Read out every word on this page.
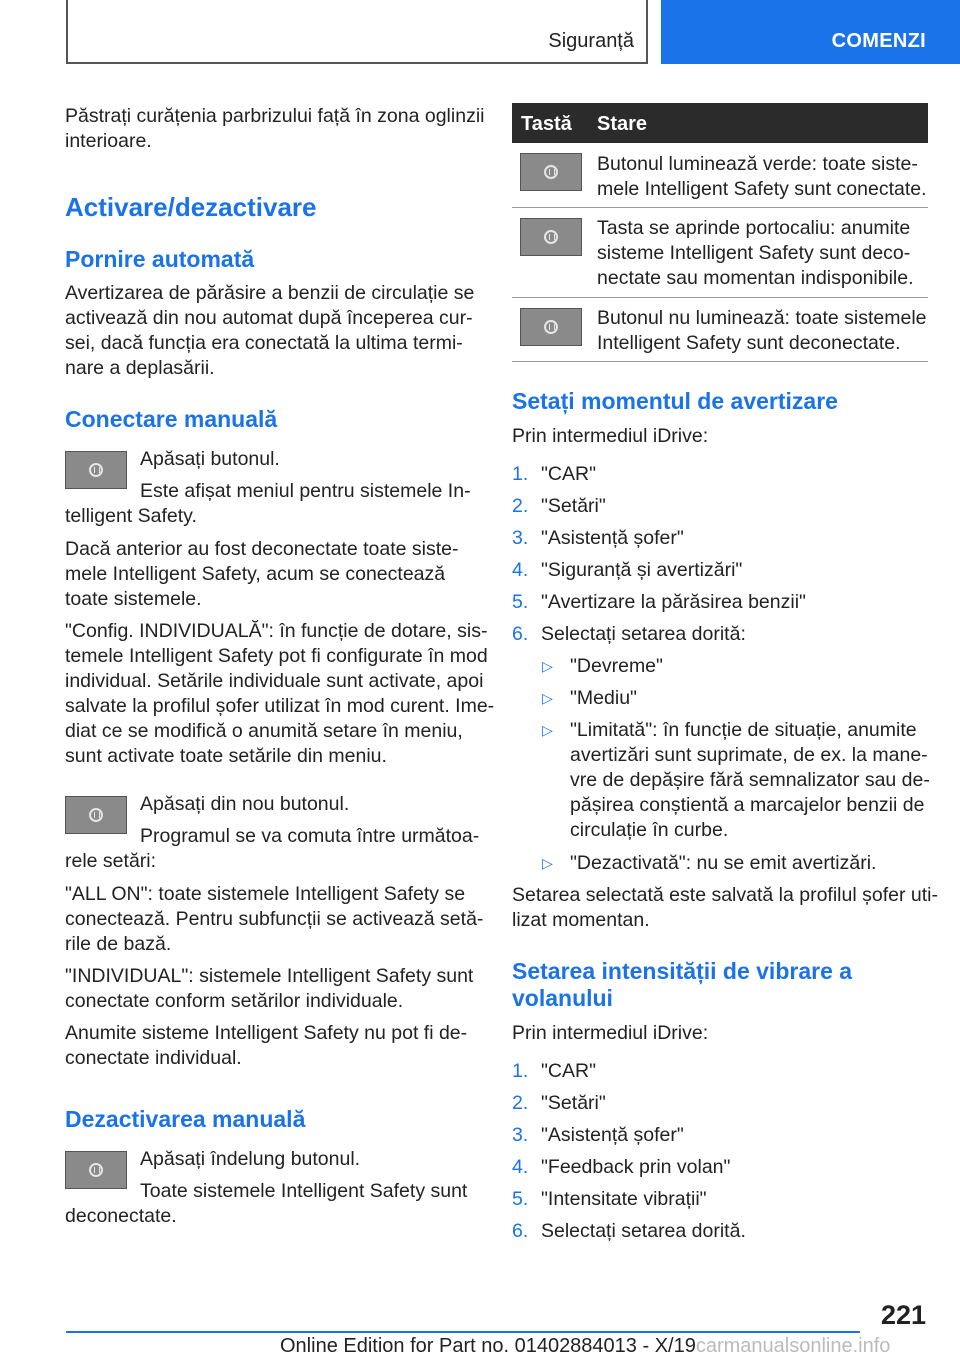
Siguranță	COMENZI

Păstrați curățenia parbrizului față în zona oglinzii

interioare.

Activare/dezactivare
Pornire automată

Avertizarea de părăsire a benzii de circulație se

activează din nou automat după începerea cur-

sei, dacă funcția era conectată la ultima termi-

nare a deplasării.

Conectare manuală

Apăsați butonul.

Este afișat meniul pentru sistemele In-

telligent Safety.

Dacă anterior au fost deconectate toate siste-

mele Intelligent Safety, acum se conectează

toate sistemele.

"Config. INDIVIDUALĂ": în funcție de dotare, sis-

temele Intelligent Safety pot fi configurate în mod

individual. Setările individuale sunt activate, apoi

salvate la profilul șofer utilizat în mod curent. Ime-

diat ce se modifică o anumită setare în meniu,

sunt activate toate setările din meniu.

Apăsați din nou butonul.

Programul se va comuta între următoa-

rele setări:

"ALL ON": toate sistemele Intelligent Safety se

conectează. Pentru subfuncții se activează setă-

rile de bază.

"INDIVIDUAL": sistemele Intelligent Safety sunt

conectate conform setărilor individuale.

Anumite sisteme Intelligent Safety nu pot fi de-

conectate individual.

Dezactivarea manuală

Apăsați îndelung butonul.

Toate sistemele Intelligent Safety sunt

deconectate.

Tastă Stare
Butonul luminează verde: toate siste-
mele Intelligent Safety sunt conectate.
Tasta se aprinde portocaliu: anumite
sisteme Intelligent Safety sunt deco-
nectate sau momentan indisponibile.
Butonul nu luminează: toate sistemele
Intelligent Safety sunt deconectate.
Setați momentul de avertizare

Prin intermediul iDrive:

1. "CAR"
2. "Setări"
3. "Asistență șofer"
4. "Siguranță și avertizări"
5. "Avertizare la părăsirea benzii"
6. Selectați setarea dorită:
▷ "Devreme"
▷ "Mediu"
▷ "Limitată": în funcție de situație, anumite
avertizări sunt suprimate, de ex. la mane-
vre de depășire fără semnalizator sau de-
pășirea conștientă a marcajelor benzii de
circulație în curbe.
▷ "Dezactivată": nu se emit avertizări.

Setarea selectată este salvată la profilul șofer uti-

lizat momentan.

Setarea intensității de vibrare a
volanului

Prin intermediul iDrive:

1. "CAR"
2. "Setări"
3. "Asistență șofer"
4. "Feedback prin volan"
5. "Intensitate vibrații"
6. Selectați setarea dorită.
221
Online Edition for Part no. 01402884013 - X/19carmanualsonline.info
